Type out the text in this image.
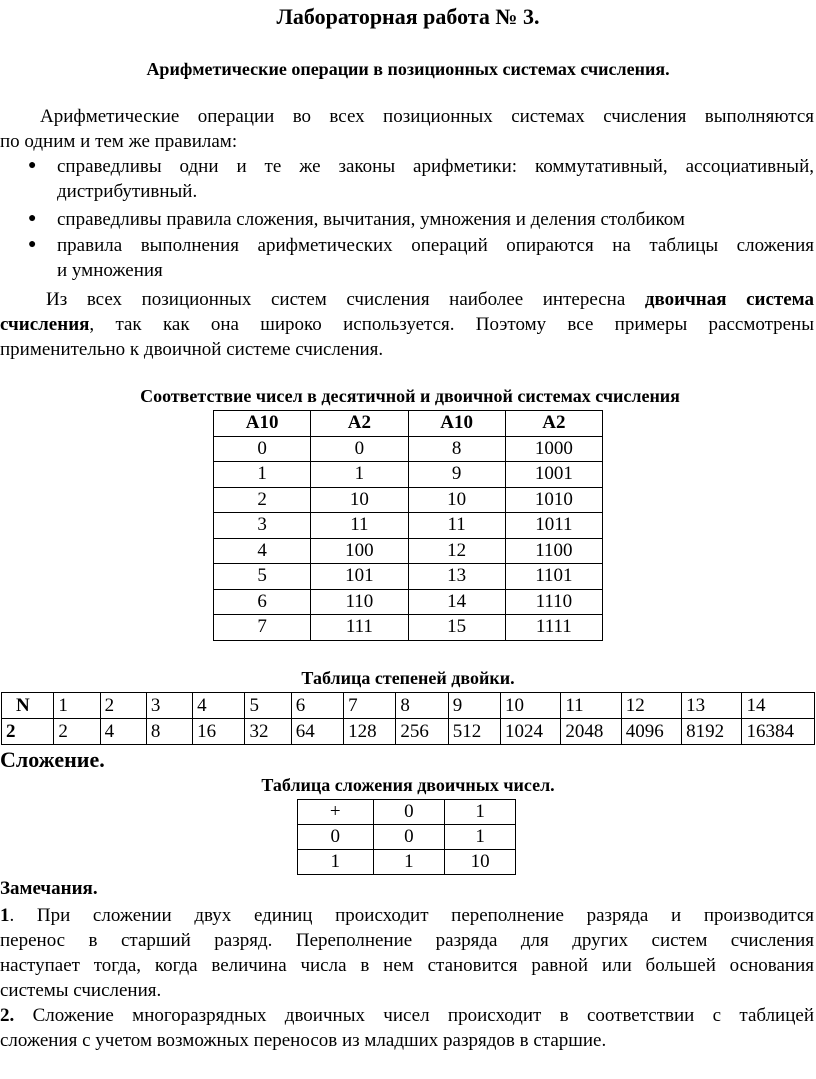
Лабораторная работа № 3.
Арифметические операции в позиционных системах счисления.
Арифметические операции во всех позиционных системах счисления выполняются
по одним и тем же правилам:
● справедливы одни и те же законы арифметики: коммутативный, ассоциативный,
дистрибутивный.
● справедливы правила сложения, вычитания, умножения и деления столбиком
● правила выполнения арифметических операций опираются на таблицы сложения
и умножения
Из всех позиционных систем счисления наиболее интересна двоичная система
счисления, так как она широко используется. Поэтому все примеры рассмотрены
применительно к двоичной системе счисления.
Соответствие чисел в десятичной и двоичной системах счисления
A10	A2	A10	A2
0	0	8	1000
1	1	9	1001
2	10	10	1010
3	11	11	1011
4	100	12	1100
5	101	13	1101
6	110	14	1110
7	111	15	1111
Таблица степеней двойки.
N	1	2	3	4	5	6	7	8	9	10	11	12	13	14
2	2	4	8	16	32	64	128	256	512	1024	2048	4096	8192	16384
Сложение.
Таблица сложения двоичных чисел.
+	0	1
0	0	1
1	1	10
Замечания.
1. При сложении двух единиц происходит переполнение разряда и производится
перенос в старший разряд. Переполнение разряда для других систем счисления
наступает тогда, когда величина числа в нем становится равной или большей основания
системы счисления.
2. Сложение многоразрядных двоичных чисел происходит в соответствии с таблицей
сложения с учетом возможных переносов из младших разрядов в старшие.
